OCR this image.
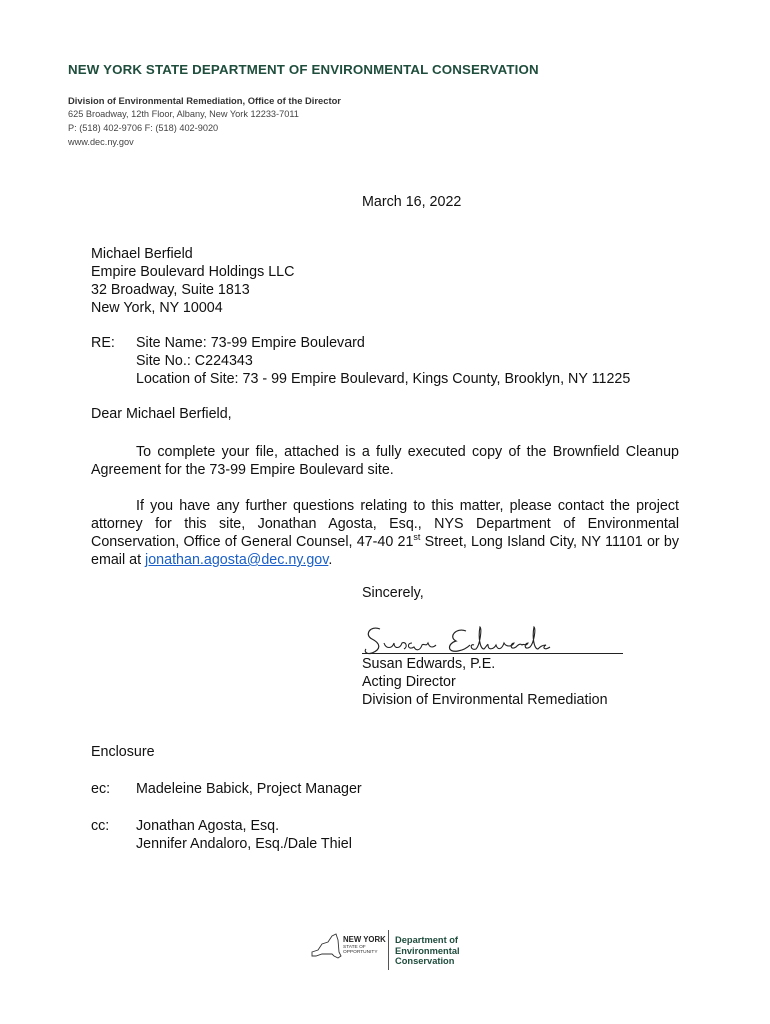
NEW YORK STATE DEPARTMENT OF ENVIRONMENTAL CONSERVATION
Division of Environmental Remediation, Office of the Director
625 Broadway, 12th Floor, Albany, New York 12233-7011
P: (518) 402-9706 F: (518) 402-9020
www.dec.ny.gov
March 16, 2022
Michael Berfield
Empire Boulevard Holdings LLC
32 Broadway, Suite 1813
New York, NY 10004
RE: Site Name: 73-99 Empire Boulevard
Site No.: C224343
Location of Site: 73 - 99 Empire Boulevard, Kings County, Brooklyn, NY 11225
Dear Michael Berfield,
To complete your file, attached is a fully executed copy of the Brownfield Cleanup Agreement for the 73-99 Empire Boulevard site.
If you have any further questions relating to this matter, please contact the project attorney for this site, Jonathan Agosta, Esq., NYS Department of Environmental Conservation, Office of General Counsel, 47-40 21st Street, Long Island City, NY 11101 or by email at jonathan.agosta@dec.ny.gov.
Sincerely,
Susan Edwards, P.E.
Acting Director
Division of Environmental Remediation
Enclosure
ec: Madeleine Babick, Project Manager
cc: Jonathan Agosta, Esq.
Jennifer Andaloro, Esq./Dale Thiel
NEW YORK
STATE OF OPPORTUNITY
Department of
Environmental
Conservation
